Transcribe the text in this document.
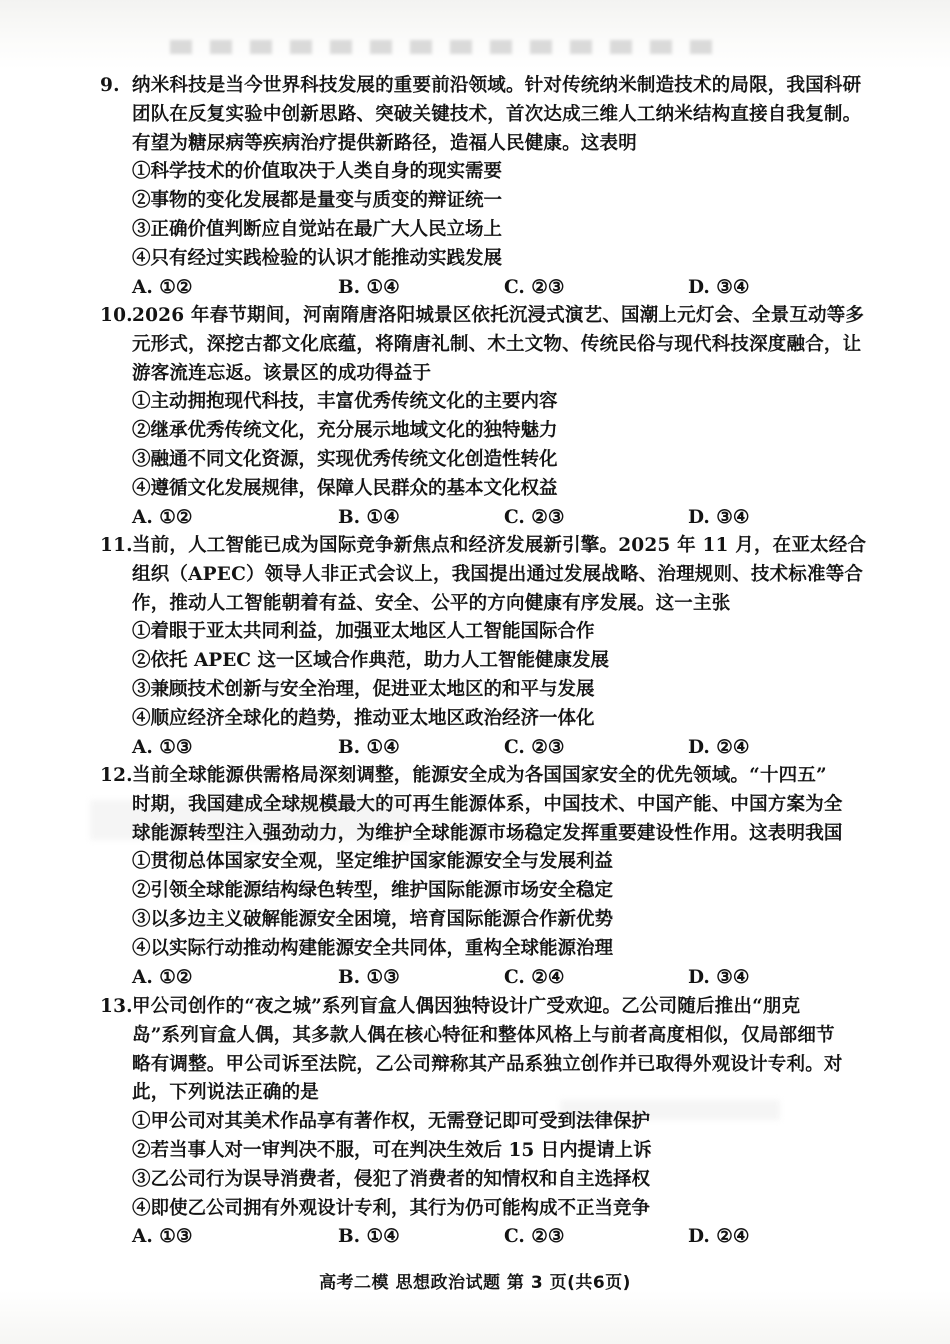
9. 纳米科技是当今世界科技发展的重要前沿领域。针对传统纳米制造技术的局限，我国科研
团队在反复实验中创新思路、突破关键技术，首次达成三维人工纳米结构直接自我复制。
有望为糖尿病等疾病治疗提供新路径，造福人民健康。这表明
①科学技术的价值取决于人类自身的现实需要
②事物的变化发展都是量变与质变的辩证统一
③正确价值判断应自觉站在最广大人民立场上
④只有经过实践检验的认识才能推动实践发展
A. ①②	B. ①④	C. ②③	D. ③④
10.2026 年春节期间，河南隋唐洛阳城景区依托沉浸式演艺、国潮上元灯会、全景互动等多
元形式，深挖古都文化底蕴，将隋唐礼制、木土文物、传统民俗与现代科技深度融合，让
游客流连忘返。该景区的成功得益于
①主动拥抱现代科技，丰富优秀传统文化的主要内容
②继承优秀传统文化，充分展示地域文化的独特魅力
③融通不同文化资源，实现优秀传统文化创造性转化
④遵循文化发展规律，保障人民群众的基本文化权益
A. ①②	B. ①④	C. ②③	D. ③④
11.当前，人工智能已成为国际竞争新焦点和经济发展新引擎。2025 年 11 月，在亚太经合
组织（APEC）领导人非正式会议上，我国提出通过发展战略、治理规则、技术标准等合
作，推动人工智能朝着有益、安全、公平的方向健康有序发展。这一主张
①着眼于亚太共同利益，加强亚太地区人工智能国际合作
②依托 APEC 这一区域合作典范，助力人工智能健康发展
③兼顾技术创新与安全治理，促进亚太地区的和平与发展
④顺应经济全球化的趋势，推动亚太地区政治经济一体化
A. ①③	B. ①④	C. ②③	D. ②④
12.当前全球能源供需格局深刻调整，能源安全成为各国国家安全的优先领域。“十四五”
时期，我国建成全球规模最大的可再生能源体系，中国技术、中国产能、中国方案为全
球能源转型注入强劲动力，为维护全球能源市场稳定发挥重要建设性作用。这表明我国
①贯彻总体国家安全观，坚定维护国家能源安全与发展利益
②引领全球能源结构绿色转型，维护国际能源市场安全稳定
③以多边主义破解能源安全困境，培育国际能源合作新优势
④以实际行动推动构建能源安全共同体，重构全球能源治理
A. ①②	B. ①③	C. ②④	D. ③④
13.甲公司创作的“夜之城”系列盲盒人偶因独特设计广受欢迎。乙公司随后推出“朋克
岛”系列盲盒人偶，其多款人偶在核心特征和整体风格上与前者高度相似，仅局部细节
略有调整。甲公司诉至法院，乙公司辩称其产品系独立创作并已取得外观设计专利。对
此，下列说法正确的是
①甲公司对其美术作品享有著作权，无需登记即可受到法律保护
②若当事人对一审判决不服，可在判决生效后 15 日内提请上诉
③乙公司行为误导消费者，侵犯了消费者的知情权和自主选择权
④即使乙公司拥有外观设计专利，其行为仍可能构成不正当竞争
A. ①③	B. ①④	C. ②③	D. ②④
高考二模 思想政治试题 第 3 页(共6页)
